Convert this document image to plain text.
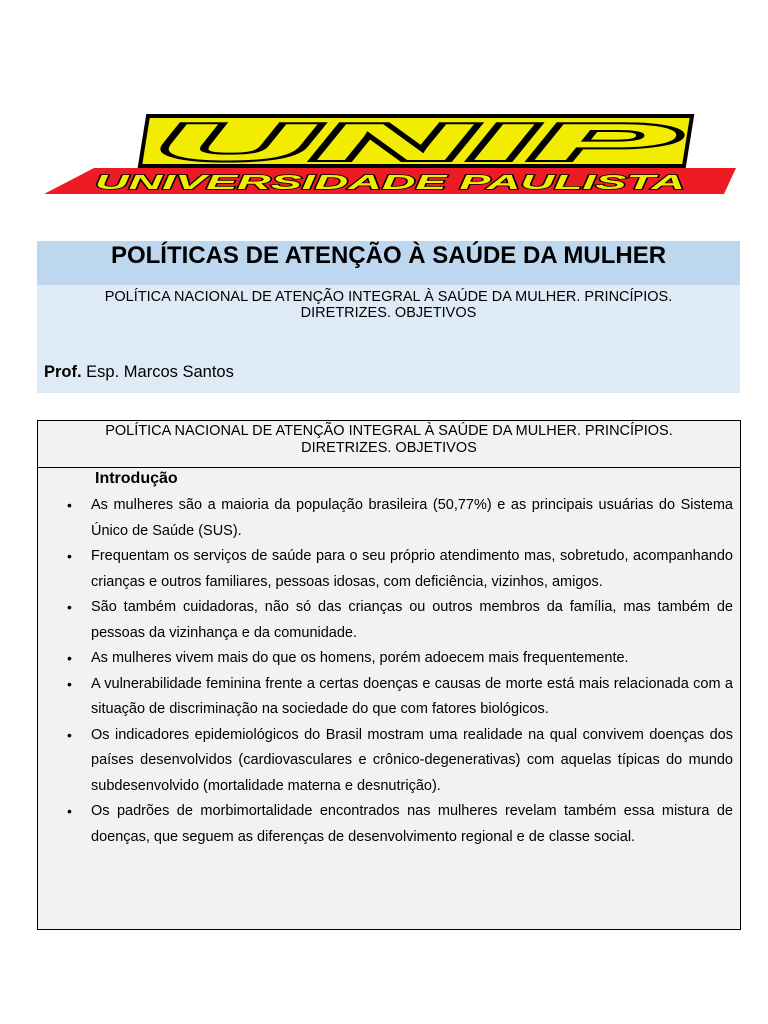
UNIP
UNIVERSIDADE PAULISTA
POLÍTICAS DE ATENÇÃO À SAÚDE DA MULHER
POLÍTICA NACIONAL DE ATENÇÃO INTEGRAL À SAÚDE DA MULHER. PRINCÍPIOS.
DIRETRIZES. OBJETIVOS
Prof. Esp. Marcos Santos
POLÍTICA NACIONAL DE ATENÇÃO INTEGRAL À SAÚDE DA MULHER. PRINCÍPIOS.
DIRETRIZES. OBJETIVOS
Introdução
• As mulheres são a maioria da população brasileira (50,77%) e as principais usuárias do Sistema Único de Saúde (SUS).
• Frequentam os serviços de saúde para o seu próprio atendimento mas, sobretudo, acompanhando crianças e outros familiares, pessoas idosas, com deficiência, vizinhos, amigos.
• São também cuidadoras, não só das crianças ou outros membros da família, mas também de pessoas da vizinhança e da comunidade.
• As mulheres vivem mais do que os homens, porém adoecem mais frequentemente.
• A vulnerabilidade feminina frente a certas doenças e causas de morte está mais relacionada com a situação de discriminação na sociedade do que com fatores biológicos.
• Os indicadores epidemiológicos do Brasil mostram uma realidade na qual convivem doenças dos países desenvolvidos (cardiovasculares e crônico-degenerativas) com aquelas típicas do mundo subdesenvolvido (mortalidade materna e desnutrição).
• Os padrões de morbimortalidade encontrados nas mulheres revelam também essa mistura de doenças, que seguem as diferenças de desenvolvimento regional e de classe social.
